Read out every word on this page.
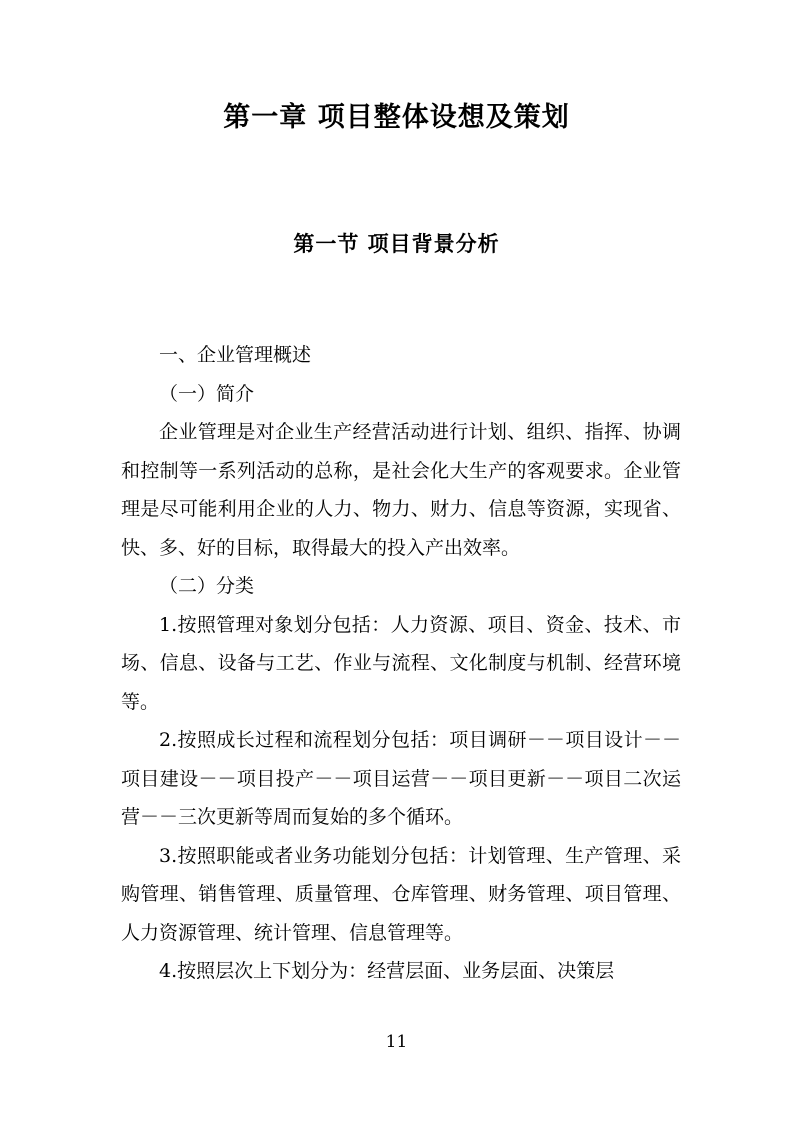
第一章 项目整体设想及策划
第一节 项目背景分析

一、企业管理概述

（一）简介

企业管理是对企业生产经营活动进行计划、组织、指挥、协调和控制等一系列活动的总称，是社会化大生产的客观要求。企业管理是尽可能利用企业的人力、物力、财力、信息等资源，实现省、快、多、好的目标，取得最大的投入产出效率。

（二）分类

1.按照管理对象划分包括：人力资源、项目、资金、技术、市场、信息、设备与工艺、作业与流程、文化制度与机制、经营环境等。

2.按照成长过程和流程划分包括：项目调研－－项目设计－－项目建设－－项目投产－－项目运营－－项目更新－－项目二次运营－－三次更新等周而复始的多个循环。

3.按照职能或者业务功能划分包括：计划管理、生产管理、采购管理、销售管理、质量管理、仓库管理、财务管理、项目管理、人力资源管理、统计管理、信息管理等。

4.按照层次上下划分为：经营层面、业务层面、决策层

11
